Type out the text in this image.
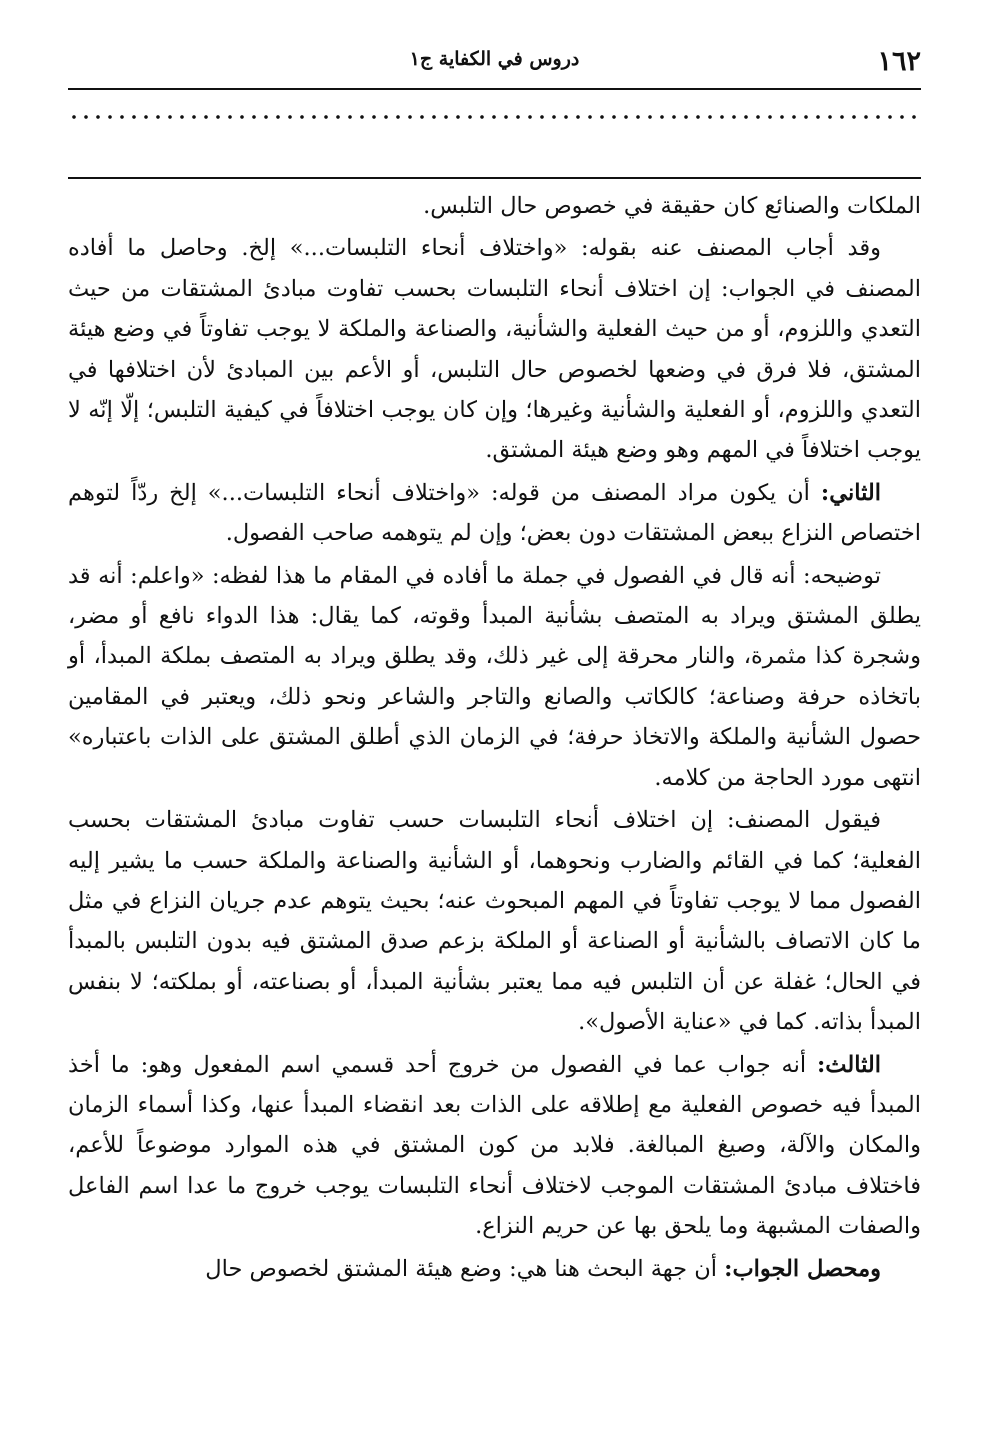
١٦٢
دروس في الكفاية ج١

الملكات والصنائع كان حقيقة في خصوص حال التلبس.

وقد أجاب المصنف عنه بقوله: «واختلاف أنحاء التلبسات...» إلخ. وحاصل ما أفاده المصنف في الجواب: إن اختلاف أنحاء التلبسات بحسب تفاوت مبادئ المشتقات من حيث التعدي واللزوم، أو من حيث الفعلية والشأنية، والصناعة والملكة لا يوجب تفاوتاً في وضع هيئة المشتق، فلا فرق في وضعها لخصوص حال التلبس، أو الأعم بين المبادئ لأن اختلافها في التعدي واللزوم، أو الفعلية والشأنية وغيرها؛ وإن كان يوجب اختلافاً في كيفية التلبس؛ إلّا إنّه لا يوجب اختلافاً في المهم وهو وضع هيئة المشتق.

الثاني: أن يكون مراد المصنف من قوله: «واختلاف أنحاء التلبسات...» إلخ ردّاً لتوهم اختصاص النزاع ببعض المشتقات دون بعض؛ وإن لم يتوهمه صاحب الفصول.

توضيحه: أنه قال في الفصول في جملة ما أفاده في المقام ما هذا لفظه: «واعلم: أنه قد يطلق المشتق ويراد به المتصف بشأنية المبدأ وقوته، كما يقال: هذا الدواء نافع أو مضر، وشجرة كذا مثمرة، والنار محرقة إلى غير ذلك، وقد يطلق ويراد به المتصف بملكة المبدأ، أو باتخاذه حرفة وصناعة؛ كالكاتب والصانع والتاجر والشاعر ونحو ذلك، ويعتبر في المقامين حصول الشأنية والملكة والاتخاذ حرفة؛ في الزمان الذي أطلق المشتق على الذات باعتباره» انتهى مورد الحاجة من كلامه.

فيقول المصنف: إن اختلاف أنحاء التلبسات حسب تفاوت مبادئ المشتقات بحسب الفعلية؛ كما في القائم والضارب ونحوهما، أو الشأنية والصناعة والملكة حسب ما يشير إليه الفصول مما لا يوجب تفاوتاً في المهم المبحوث عنه؛ بحيث يتوهم عدم جريان النزاع في مثل ما كان الاتصاف بالشأنية أو الصناعة أو الملكة بزعم صدق المشتق فيه بدون التلبس بالمبدأ في الحال؛ غفلة عن أن التلبس فيه مما يعتبر بشأنية المبدأ، أو بصناعته، أو بملكته؛ لا بنفس المبدأ بذاته. كما في «عناية الأصول».

الثالث: أنه جواب عما في الفصول من خروج أحد قسمي اسم المفعول وهو: ما أخذ المبدأ فيه خصوص الفعلية مع إطلاقه على الذات بعد انقضاء المبدأ عنها، وكذا أسماء الزمان والمكان والآلة، وصيغ المبالغة. فلابد من كون المشتق في هذه الموارد موضوعاً للأعم، فاختلاف مبادئ المشتقات الموجب لاختلاف أنحاء التلبسات يوجب خروج ما عدا اسم الفاعل والصفات المشبهة وما يلحق بها عن حريم النزاع.

ومحصل الجواب: أن جهة البحث هنا هي: وضع هيئة المشتق لخصوص حال
